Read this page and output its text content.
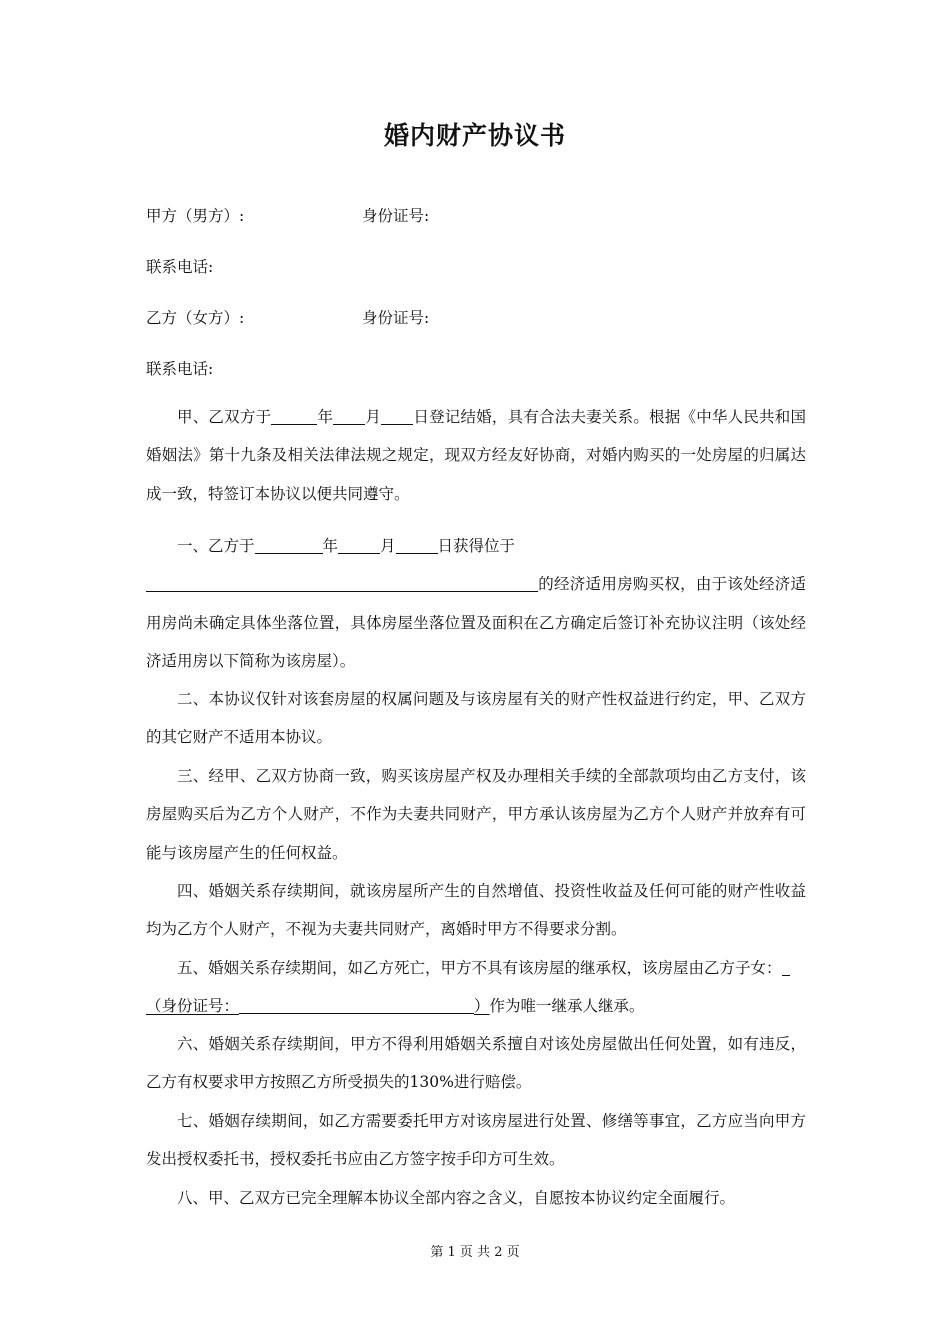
婚内财产协议书
甲方（男方）:	身份证号:
联系电话:
乙方（女方）:	身份证号:
联系电话:
甲、乙双方于	年 月 日登记结婚，具有合法夫妻关系。根据《中华人民共和国婚姻法》第十九条及相关法律法规之规定，现双方经友好协商，对婚内购买的一处房屋的归属达成一致，特签订本协议以便共同遵守。
一、乙方于	年	月	日获得位于
的经济适用房购买权，由于该处经济适用房尚未确定具体坐落位置，具体房屋坐落位置及面积在乙方确定后签订补充协议注明（该处经济适用房以下简称为该房屋）。
二、本协议仅针对该套房屋的权属问题及与该房屋有关的财产性权益进行约定，甲、乙双方的其它财产不适用本协议。
三、经甲、乙双方协商一致，购买该房屋产权及办理相关手续的全部款项均由乙方支付，该房屋购买后为乙方个人财产，不作为夫妻共同财产，甲方承认该房屋为乙方个人财产并放弃有可能与该房屋产生的任何权益。
四、婚姻关系存续期间，就该房屋所产生的自然增值、投资性收益及任何可能的财产性收益均为乙方个人财产，不视为夫妻共同财产，离婚时甲方不得要求分割。
五、婚姻关系存续期间，如乙方死亡，甲方不具有该房屋的继承权，该房屋由乙方子女：
（身份证号：	）作为唯一继承人继承。
六、婚姻关系存续期间，甲方不得利用婚姻关系擅自对该处房屋做出任何处置，如有违反，乙方有权要求甲方按照乙方所受损失的130%进行赔偿。
七、婚姻存续期间，如乙方需要委托甲方对该房屋进行处置、修缮等事宜，乙方应当向甲方发出授权委托书，授权委托书应由乙方签字按手印方可生效。
八、甲、乙双方已完全理解本协议全部内容之含义，自愿按本协议约定全面履行。
第 1 页 共 2 页
